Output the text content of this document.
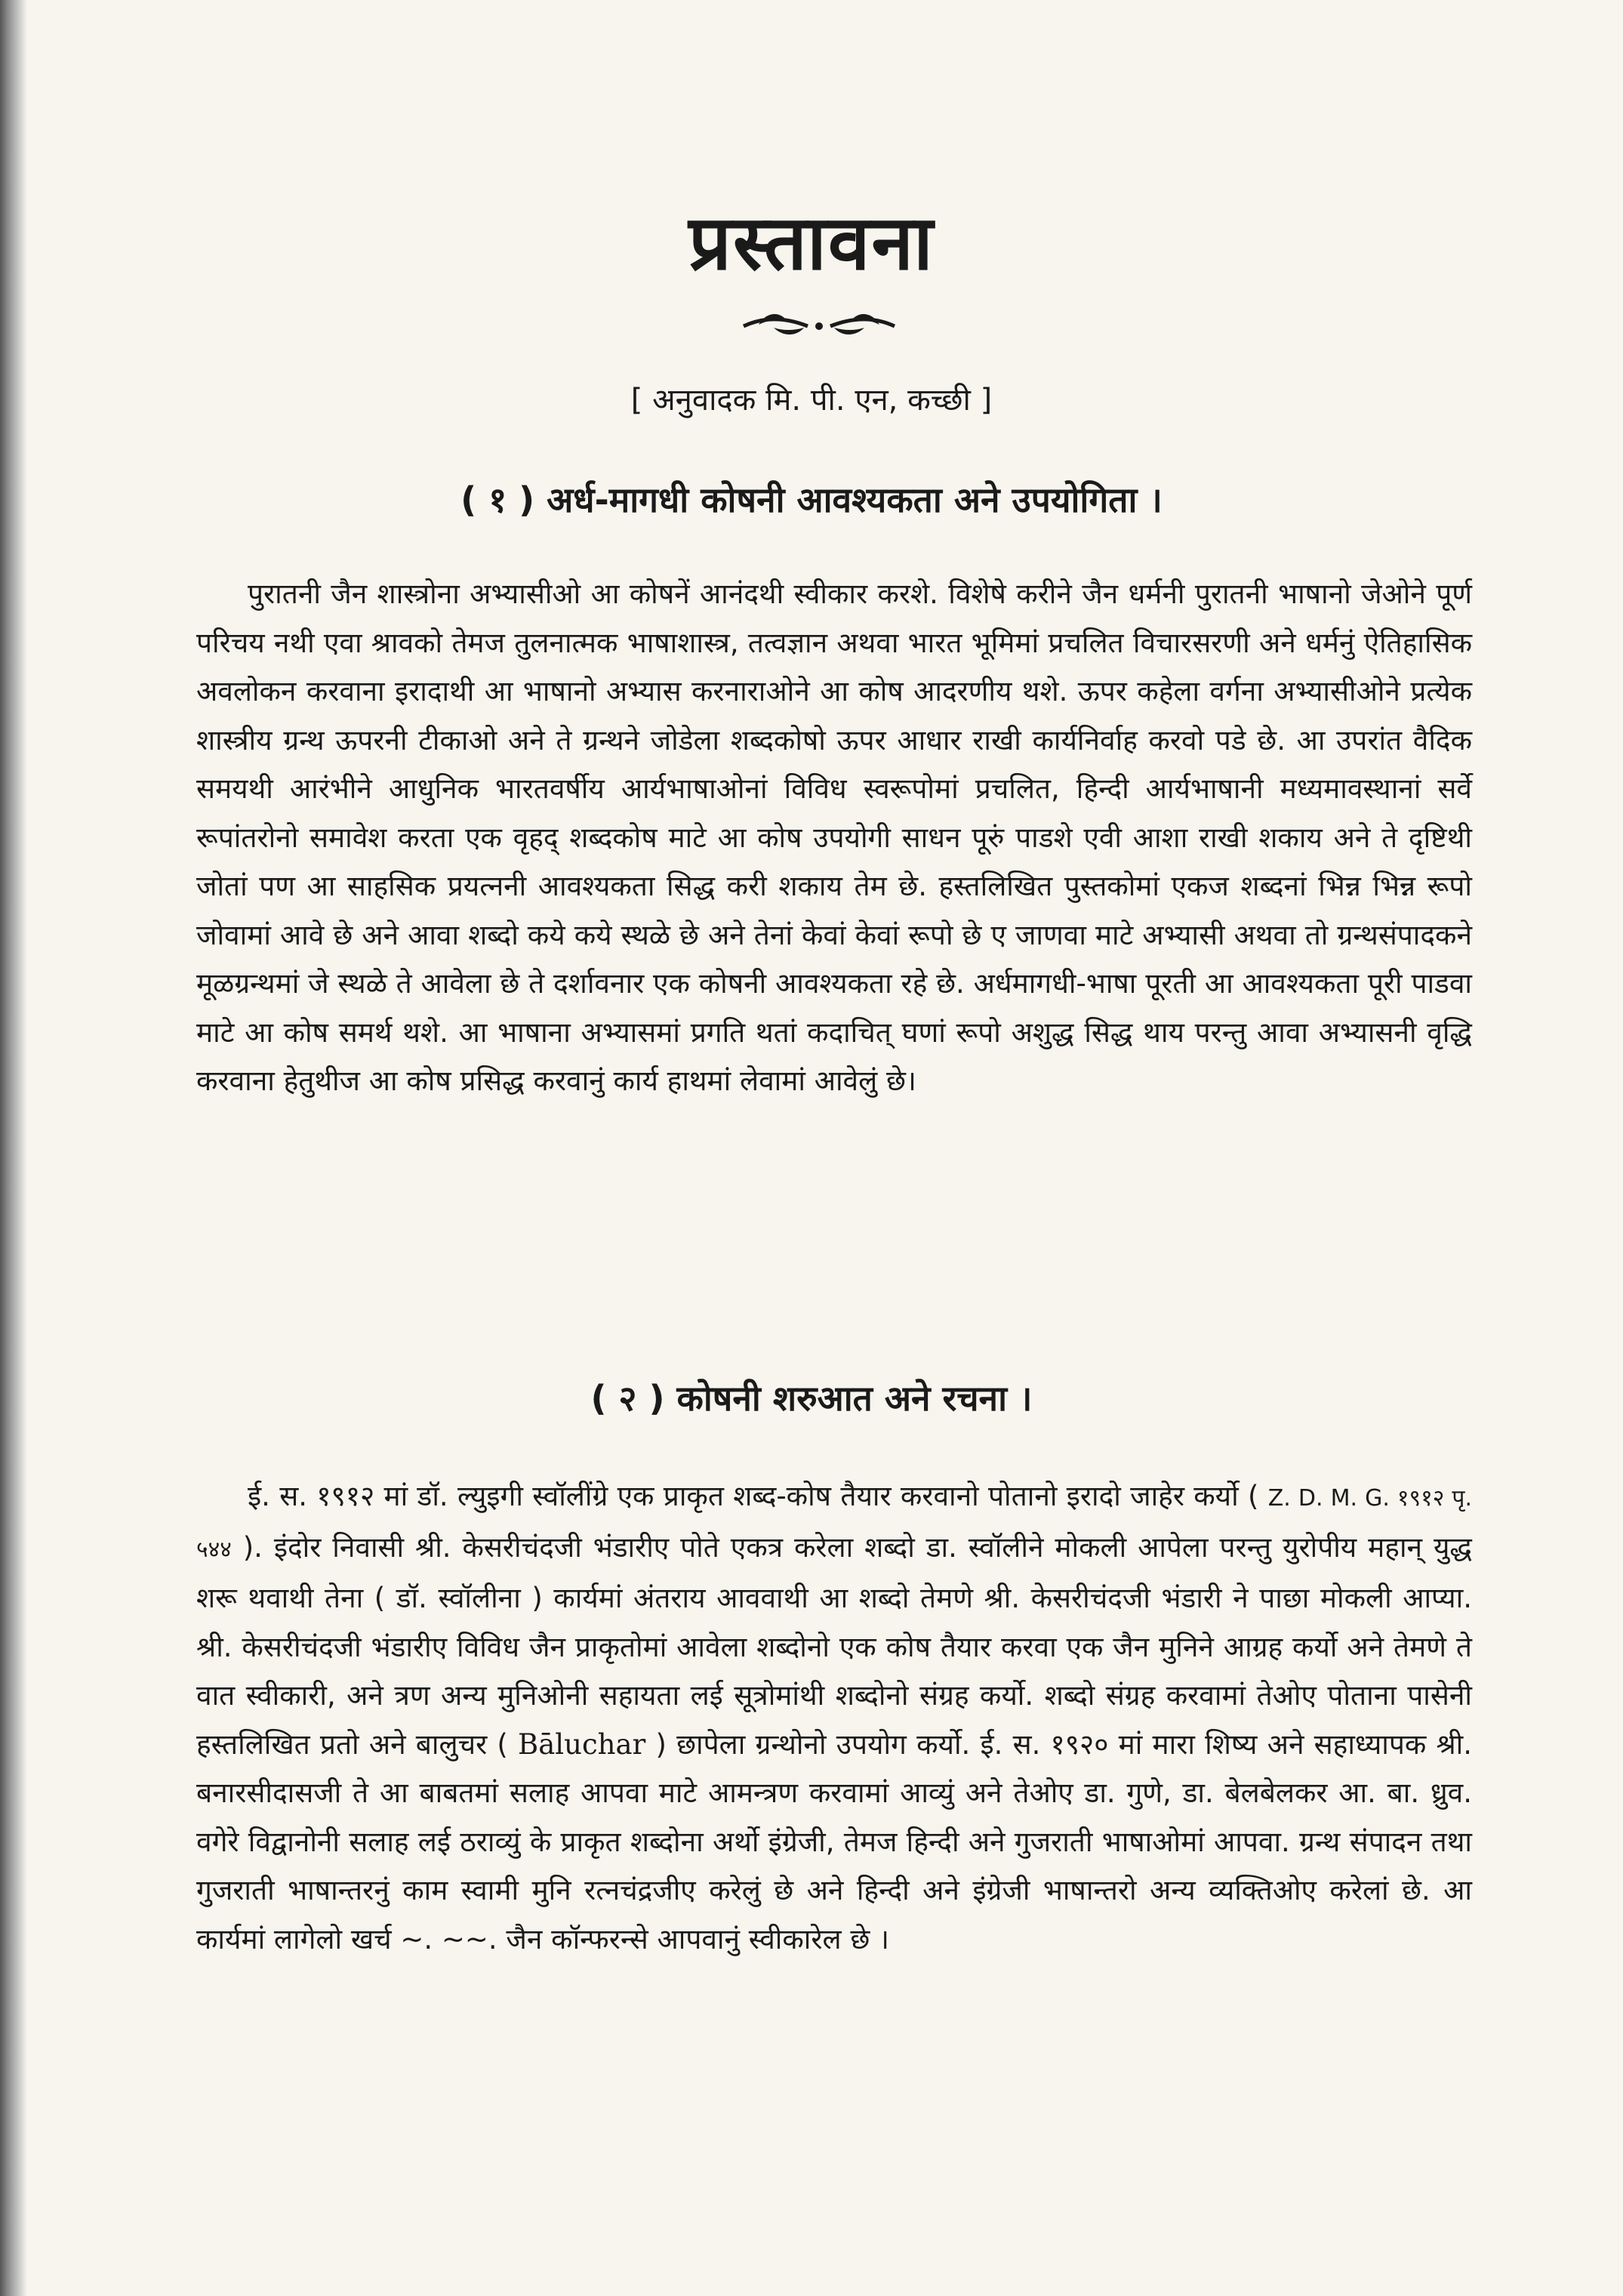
प्रस्तावना
[ अनुवादक मि. पी. एन, कच्छी ]
( १ ) अर्ध-मागधी कोषनी आवश्यकता अने उपयोगिता ।

पुरातनी जैन शास्त्रोना अभ्यासीओ आ कोषनें आनंदथी स्वीकार करशे. विशेषे करीने जैन धर्मनी पुरातनी भाषानो जेओने पूर्ण परिचय नथी एवा श्रावको तेमज तुलनात्मक भाषाशास्त्र, तत्वज्ञान अथवा भारत भूमिमां प्रचलित विचारसरणी अने धर्मनुं ऐतिहासिक अवलोकन करवाना इरादाथी आ भाषानो अभ्यास करनाराओने आ कोष आदरणीय थशे. ऊपर कहेला वर्गना अभ्यासीओने प्रत्येक शास्त्रीय ग्रन्थ ऊपरनी टीकाओ अने ते ग्रन्थने जोडेला शब्दकोषो ऊपर आधार राखी कार्यनिर्वाह करवो पडे छे. आ उपरांत वैदिक समयथी आरंभीने आधुनिक भारतवर्षीय आर्यभाषाओनां विविध स्वरूपोमां प्रचलित, हिन्दी आर्यभाषानी मध्यमावस्थानां सर्वे रूपांतरोनो समावेश करता एक वृहद् शब्दकोष माटे आ कोष उपयोगी साधन पूरुं पाडशे एवी आशा राखी शकाय अने ते दृष्टिथी जोतां पण आ साहसिक प्रयत्ननी आवश्यकता सिद्ध करी शकाय तेम छे. हस्तलिखित पुस्तकोमां एकज शब्दनां भिन्न भिन्न रूपो जोवामां आवे छे अने आवा शब्दो कये कये स्थळे छे अने तेनां केवां केवां रूपो छे ए जाणवा माटे अभ्यासी अथवा तो ग्रन्थसंपादकने मूळग्रन्थमां जे स्थळे ते आवेला छे ते दर्शावनार एक कोषनी आवश्यकता रहे छे. अर्धमागधी-भाषा पूरती आ आवश्यकता पूरी पाडवा माटे आ कोष समर्थ थशे. आ भाषाना अभ्यासमां प्रगति थतां कदाचित् घणां रूपो अशुद्ध सिद्ध थाय परन्तु आवा अभ्यासनी वृद्धि करवाना हेतुथीज आ कोष प्रसिद्ध करवानुं कार्य हाथमां लेवामां आवेलुं छे।

( २ ) कोषनी शरुआत अने रचना ।

ई. स. १९१२ मां डॉ. ल्युइगी स्वॉलींग्रे एक प्राकृत शब्द-कोष तैयार करवानो पोतानो इरादो जाहेर कर्यो ( Z. D. M. G. १९१२ पृ. ५४४ ). इंदोर निवासी श्री. केसरीचंदजी भंडारीए पोते एकत्र करेला शब्दो डा. स्वॉलीने मोकली आपेला परन्तु युरोपीय महान् युद्ध शरू थवाथी तेना ( डॉ. स्वॉलीना ) कार्यमां अंतराय आववाथी आ शब्दो तेमणे श्री. केसरीचंदजी भंडारी ने पाछा मोकली आप्या. श्री. केसरीचंदजी भंडारीए विविध जैन प्राकृतोमां आवेला शब्दोनो एक कोष तैयार करवा एक जैन मुनिने आग्रह कर्यो अने तेमणे ते वात स्वीकारी, अने त्रण अन्य मुनिओनी सहायता लई सूत्रोमांथी शब्दोनो संग्रह कर्यो. शब्दो संग्रह करवामां तेओए पोताना पासेनी हस्तलिखित प्रतो अने बालुचर ( Bāluchar ) छापेला ग्रन्थोनो उपयोग कर्यो. ई. स. १९२० मां मारा शिष्य अने सहाध्यापक श्री. बनारसीदासजी ते आ बाबतमां सलाह आपवा माटे आमन्त्रण करवामां आव्युं अने तेओए डा. गुणे, डा. बेलबेलकर आ. बा. ध्रुव. वगेरे विद्वानोनी सलाह लई ठराव्युं के प्राकृत शब्दोना अर्थो इंग्रेजी, तेमज हिन्दी अने गुजराती भाषाओमां आपवा. ग्रन्थ संपादन तथा गुजराती भाषान्तरनुं काम स्वामी मुनि रत्नचंद्रजीए करेलुं छे अने हिन्दी अने इंग्रेजी भाषान्तरो अन्य व्यक्तिओए करेलां छे. आ कार्यमां लागेलो खर्च ~. ~~. जैन कॉन्फरन्से आपवानुं स्वीकारेल छे ।
